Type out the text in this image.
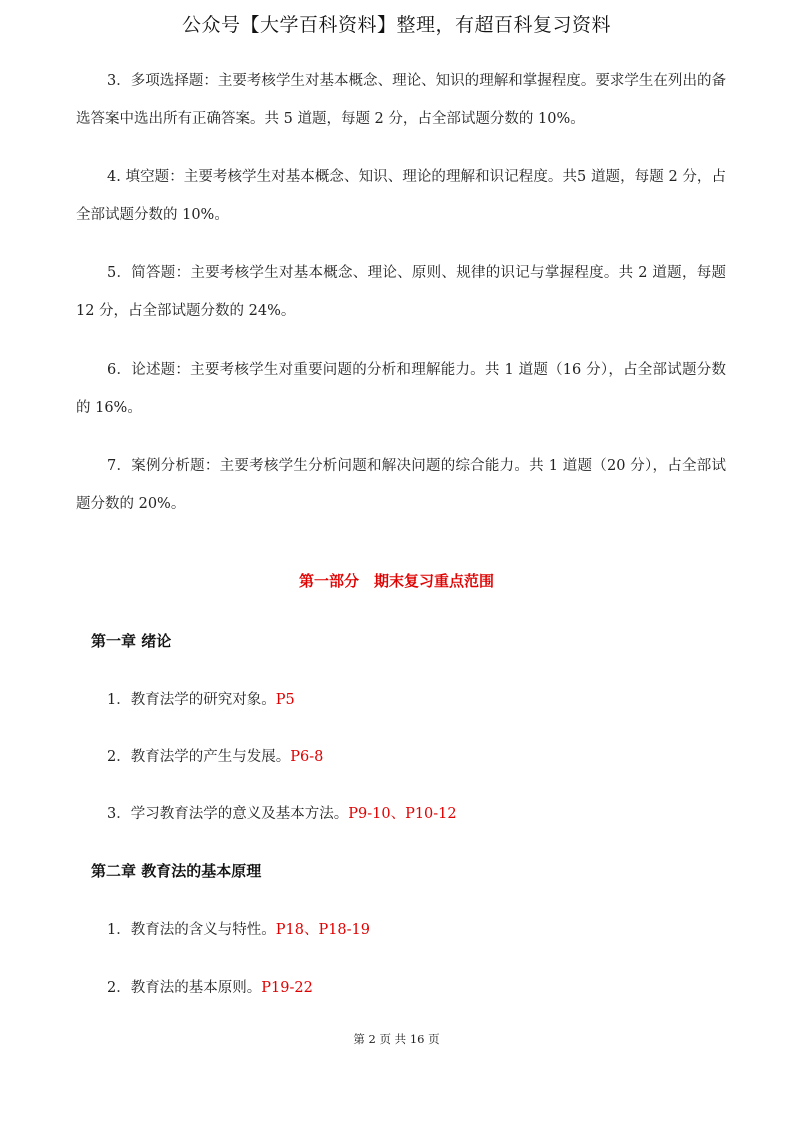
公众号【大学百科资料】整理，有超百科复习资料
3．多项选择题：主要考核学生对基本概念、理论、知识的理解和掌握程度。要求学生在列出的备选答案中选出所有正确答案。共 5 道题，每题 2 分，占全部试题分数的 10%。
4. 填空题：主要考核学生对基本概念、知识、理论的理解和识记程度。共5 道题，每题 2 分，占全部试题分数的 10%。
5．简答题：主要考核学生对基本概念、理论、原则、规律的识记与掌握程度。共 2 道题，每题 12 分，占全部试题分数的 24%。
6．论述题：主要考核学生对重要问题的分析和理解能力。共 1 道题（16 分），占全部试题分数的 16%。
7．案例分析题：主要考核学生分析问题和解决问题的综合能力。共 1 道题（20 分），占全部试题分数的 20%。
第一部分　期末复习重点范围
第一章 绪论
1．教育法学的研究对象。P5
2．教育法学的产生与发展。P6-8
3．学习教育法学的意义及基本方法。P9-10、P10-12
第二章 教育法的基本原理
1．教育法的含义与特性。P18、P18-19
2．教育法的基本原则。P19-22
第 2 页 共 16 页
